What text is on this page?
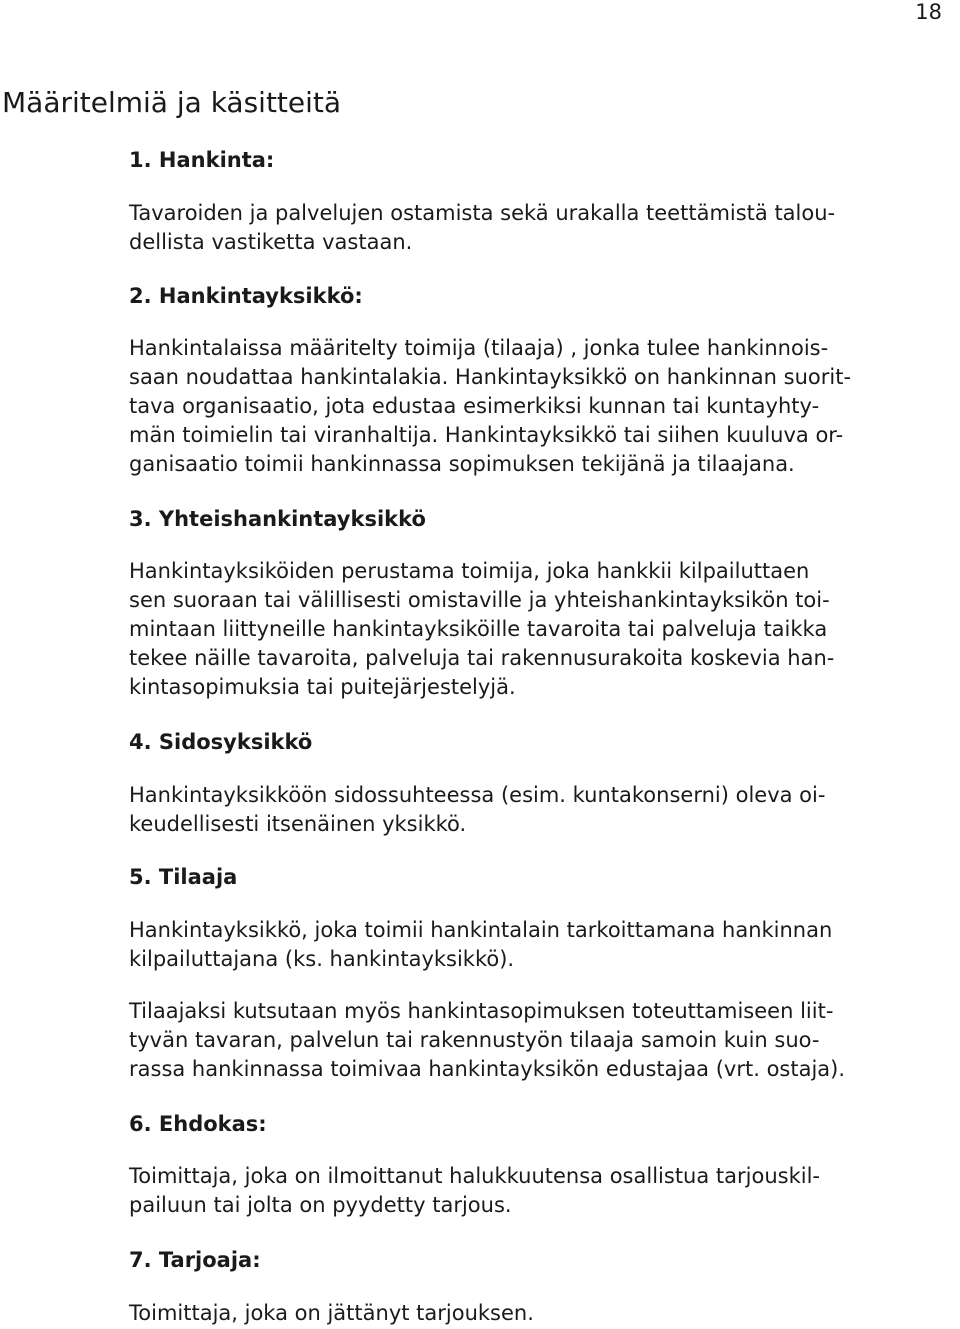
18
Määritelmiä ja käsitteitä
1. Hankinta:

Tavaroiden ja palvelujen ostamista sekä urakalla teettämistä talou-
dellista vastiketta vastaan.

2. Hankintayksikkö:

Hankintalaissa määritelty toimija (tilaaja) , jonka tulee hankinnois-
saan noudattaa hankintalakia. Hankintayksikkö on hankinnan suorit-
tava organisaatio, jota edustaa esimerkiksi kunnan tai kuntayhty-
män toimielin tai viranhaltija. Hankintayksikkö tai siihen kuuluva or-
ganisaatio toimii hankinnassa sopimuksen tekijänä ja tilaajana.

3. Yhteishankintayksikkö

Hankintayksiköiden perustama toimija, joka hankkii kilpailuttaen
sen suoraan tai välillisesti omistaville ja yhteishankintayksikön toi-
mintaan liittyneille hankintayksiköille tavaroita tai palveluja taikka
tekee näille tavaroita, palveluja tai rakennusurakoita koskevia han-
kintasopimuksia tai puitejärjestelyjä.

4. Sidosyksikkö

Hankintayksikköön sidossuhteessa (esim. kuntakonserni) oleva oi-
keudellisesti itsenäinen yksikkö.

5. Tilaaja

Hankintayksikkö, joka toimii hankintalain tarkoittamana hankinnan
kilpailuttajana (ks. hankintayksikkö).

Tilaajaksi kutsutaan myös hankintasopimuksen toteuttamiseen liit-
tyvän tavaran, palvelun tai rakennustyön tilaaja samoin kuin suo-
rassa hankinnassa toimivaa hankintayksikön edustajaa (vrt. ostaja).

6. Ehdokas:

Toimittaja, joka on ilmoittanut halukkuutensa osallistua tarjouskil-
pailuun tai jolta on pyydetty tarjous.

7. Tarjoaja:

Toimittaja, joka on jättänyt tarjouksen.
